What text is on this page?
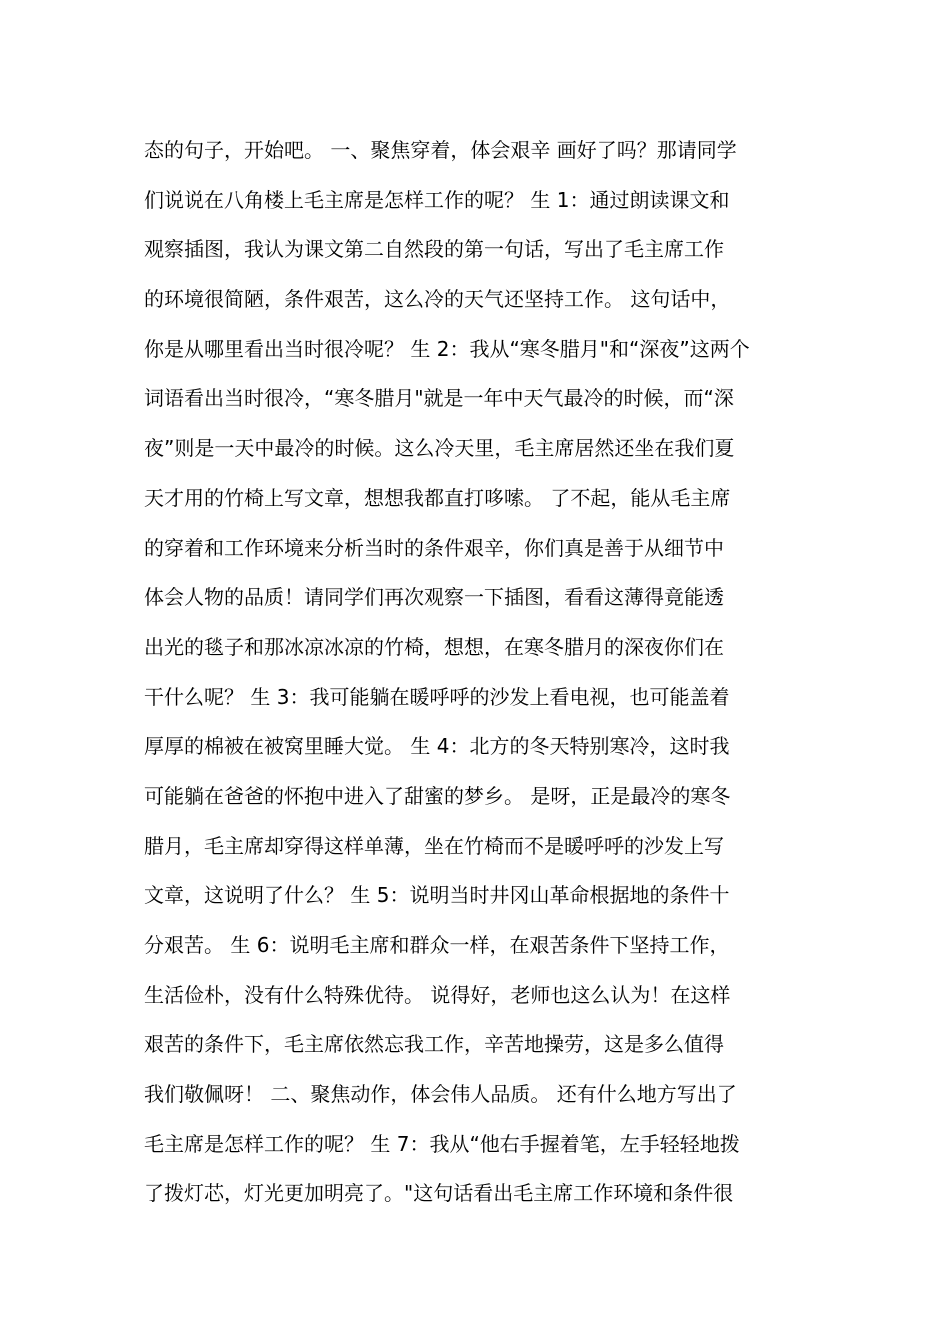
态的句子，开始吧。 一、聚焦穿着，体会艰辛 画好了吗？那请同学
们说说在八角楼上毛主席是怎样工作的呢？ 生 1：通过朗读课文和
观察插图，我认为课文第二自然段的第一句话，写出了毛主席工作
的环境很简陋，条件艰苦，这么冷的天气还坚持工作。 这句话中，
你是从哪里看出当时很冷呢？ 生 2：我从“寒冬腊月"和“深夜”这两个
词语看出当时很冷，“寒冬腊月"就是一年中天气最冷的时候，而“深
夜”则是一天中最冷的时候。这么冷天里，毛主席居然还坐在我们夏
天才用的竹椅上写文章，想想我都直打哆嗦。 了不起，能从毛主席
的穿着和工作环境来分析当时的条件艰辛，你们真是善于从细节中
体会人物的品质！请同学们再次观察一下插图，看看这薄得竟能透
出光的毯子和那冰凉冰凉的竹椅，想想，在寒冬腊月的深夜你们在
干什么呢？ 生 3：我可能躺在暖呼呼的沙发上看电视，也可能盖着
厚厚的棉被在被窝里睡大觉。 生 4：北方的冬天特别寒冷，这时我
可能躺在爸爸的怀抱中进入了甜蜜的梦乡。 是呀，正是最冷的寒冬
腊月，毛主席却穿得这样单薄，坐在竹椅而不是暖呼呼的沙发上写
文章，这说明了什么？ 生 5：说明当时井冈山革命根据地的条件十
分艰苦。 生 6：说明毛主席和群众一样，在艰苦条件下坚持工作，
生活俭朴，没有什么特殊优待。 说得好，老师也这么认为！在这样
艰苦的条件下，毛主席依然忘我工作，辛苦地操劳，这是多么值得
我们敬佩呀！ 二、聚焦动作，体会伟人品质。 还有什么地方写出了
毛主席是怎样工作的呢？ 生 7：我从“他右手握着笔，左手轻轻地拨
了拨灯芯，灯光更加明亮了。"这句话看出毛主席工作环境和条件很
